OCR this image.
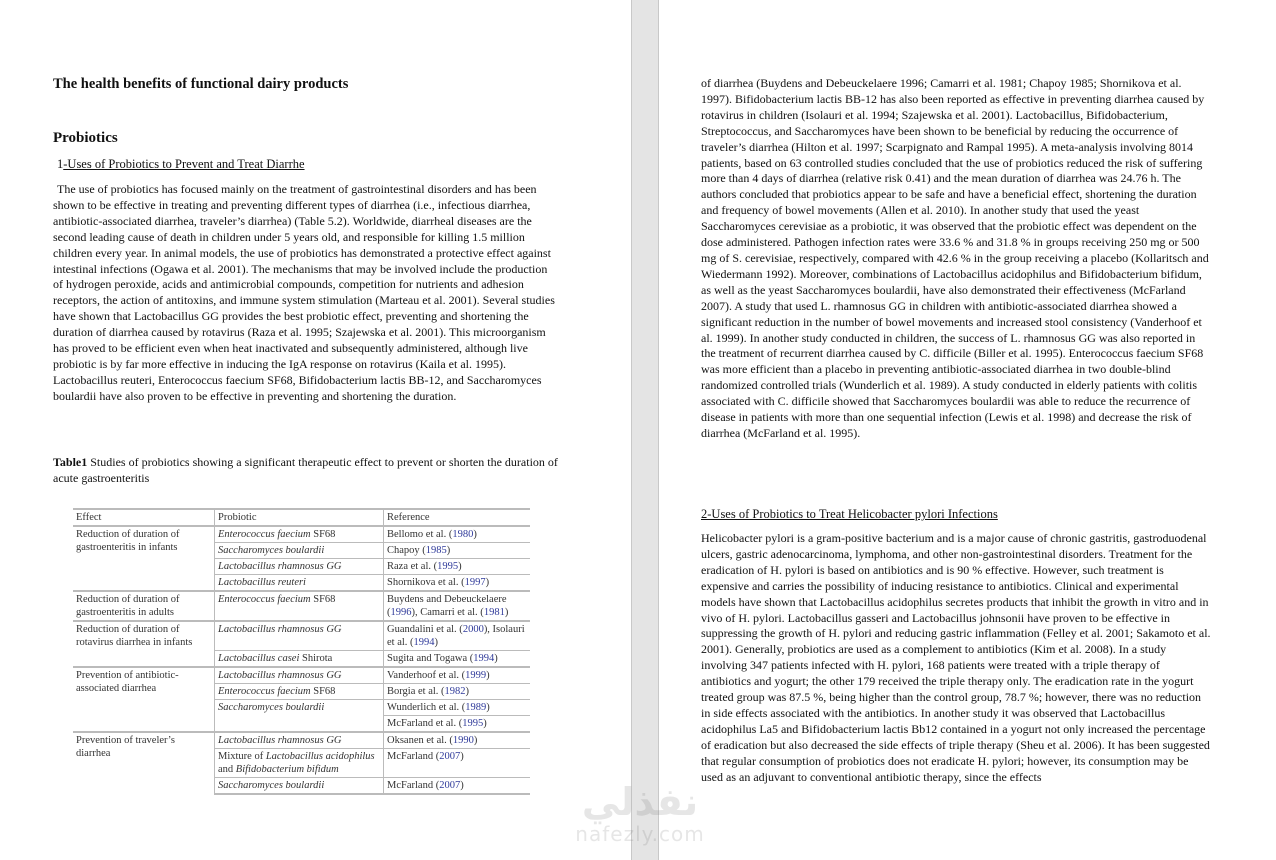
The health benefits of functional dairy products
Probiotics
1-Uses of Probiotics to Prevent and Treat Diarrhe
The use of probiotics has focused mainly on the treatment of gastrointestinal disorders and has been shown to be effective in treating and preventing different types of diarrhea (i.e., infectious diarrhea, antibiotic-associated diarrhea, traveler’s diarrhea) (Table 5.2). Worldwide, diarrheal diseases are the second leading cause of death in children under 5 years old, and responsible for killing 1.5 million children every year. In animal models, the use of probiotics has demonstrated a protective effect against intestinal infections (Ogawa et al. 2001). The mechanisms that may be involved include the production of hydrogen peroxide, acids and antimicrobial compounds, competition for nutrients and adhesion receptors, the action of antitoxins, and immune system stimulation (Marteau et al. 2001). Several studies have shown that Lactobacillus GG provides the best probiotic effect, preventing and shortening the duration of diarrhea caused by rotavirus (Raza et al. 1995; Szajewska et al. 2001). This microorganism has proved to be efficient even when heat inactivated and subsequently administered, although live probiotic is by far more effective in inducing the IgA response on rotavirus (Kaila et al. 1995). Lactobacillus reuteri, Enterococcus faecium SF68, Bifidobacterium lactis BB-12, and Saccharomyces boulardii have also proven to be effective in preventing and shortening the duration.
Table1 Studies of probiotics showing a significant therapeutic effect to prevent or shorten the duration of acute gastroenteritis
Effect	Probiotic	Reference
Reduction of duration of gastroenteritis in infants	Enterococcus faecium SF68	Bellomo et al. (1980)
	Saccharomyces boulardii	Chapoy (1985)
	Lactobacillus rhamnosus GG	Raza et al. (1995)
	Lactobacillus reuteri	Shornikova et al. (1997)
Reduction of duration of gastroenteritis in adults	Enterococcus faecium SF68	Buydens and Debeuckelaere (1996), Camarri et al. (1981)
Reduction of duration of rotavirus diarrhea in infants	Lactobacillus rhamnosus GG	Guandalini et al. (2000), Isolauri et al. (1994)
	Lactobacillus casei Shirota	Sugita and Togawa (1994)
Prevention of antibiotic-associated diarrhea	Lactobacillus rhamnosus GG	Vanderhoof et al. (1999)
	Enterococcus faecium SF68	Borgia et al. (1982)
	Saccharomyces boulardii	Wunderlich et al. (1989)
		McFarland et al. (1995)
Prevention of traveler’s diarrhea	Lactobacillus rhamnosus GG	Oksanen et al. (1990)
	Mixture of Lactobacillus acidophilus and Bifidobacterium bifidum	McFarland (2007)
	Saccharomyces boulardii	McFarland (2007)
of diarrhea (Buydens and Debeuckelaere 1996; Camarri et al. 1981; Chapoy 1985; Shornikova et al. 1997). Bifidobacterium lactis BB-12 has also been reported as effective in preventing diarrhea caused by rotavirus in children (Isolauri et al. 1994; Szajewska et al. 2001). Lactobacillus, Bifidobacterium, Streptococcus, and Saccharomyces have been shown to be beneficial by reducing the occurrence of traveler’s diarrhea (Hilton et al. 1997; Scarpignato and Rampal 1995). A meta-analysis involving 8014 patients, based on 63 controlled studies concluded that the use of probiotics reduced the risk of suffering more than 4 days of diarrhea (relative risk 0.41) and the mean duration of diarrhea was 24.76 h. The authors concluded that probiotics appear to be safe and have a beneficial effect, shortening the duration and frequency of bowel movements (Allen et al. 2010). In another study that used the yeast Saccharomyces cerevisiae as a probiotic, it was observed that the probiotic effect was dependent on the dose administered. Pathogen infection rates were 33.6 % and 31.8 % in groups receiving 250 mg or 500 mg of S. cerevisiae, respectively, compared with 42.6 % in the group receiving a placebo (Kollaritsch and Wiedermann 1992). Moreover, combinations of Lactobacillus acidophilus and Bifidobacterium bifidum, as well as the yeast Saccharomyces boulardii, have also demonstrated their effectiveness (McFarland 2007). A study that used L. rhamnosus GG in children with antibiotic-associated diarrhea showed a significant reduction in the number of bowel movements and increased stool consistency (Vanderhoof et al. 1999). In another study conducted in children, the success of L. rhamnosus GG was also reported in the treatment of recurrent diarrhea caused by C. difficile (Biller et al. 1995). Enterococcus faecium SF68 was more efficient than a placebo in preventing antibiotic-associated diarrhea in two double-blind randomized controlled trials (Wunderlich et al. 1989). A study conducted in elderly patients with colitis associated with C. difficile showed that Saccharomyces boulardii was able to reduce the recurrence of disease in patients with more than one sequential infection (Lewis et al. 1998) and decrease the risk of diarrhea (McFarland et al. 1995).
2-Uses of Probiotics to Treat Helicobacter pylori Infections
Helicobacter pylori is a gram-positive bacterium and is a major cause of chronic gastritis, gastroduodenal ulcers, gastric adenocarcinoma, lymphoma, and other non-gastrointestinal disorders. Treatment for the eradication of H. pylori is based on antibiotics and is 90 % effective. However, such treatment is expensive and carries the possibility of inducing resistance to antibiotics. Clinical and experimental models have shown that Lactobacillus acidophilus secretes products that inhibit the growth in vitro and in vivo of H. pylori. Lactobacillus gasseri and Lactobacillus johnsonii have proven to be effective in suppressing the growth of H. pylori and reducing gastric inflammation (Felley et al. 2001; Sakamoto et al. 2001). Generally, probiotics are used as a complement to antibiotics (Kim et al. 2008). In a study involving 347 patients infected with H. pylori, 168 patients were treated with a triple therapy of antibiotics and yogurt; the other 179 received the triple therapy only. The eradication rate in the yogurt treated group was 87.5 %, being higher than the control group, 78.7 %; however, there was no reduction in side effects associated with the antibiotics. In another study it was observed that Lactobacillus acidophilus La5 and Bifidobacterium lactis Bb12 contained in a yogurt not only increased the percentage of eradication but also decreased the side effects of triple therapy (Sheu et al. 2006). It has been suggested that regular consumption of probiotics does not eradicate H. pylori; however, its consumption may be used as an adjuvant to conventional antibiotic therapy, since the effects
